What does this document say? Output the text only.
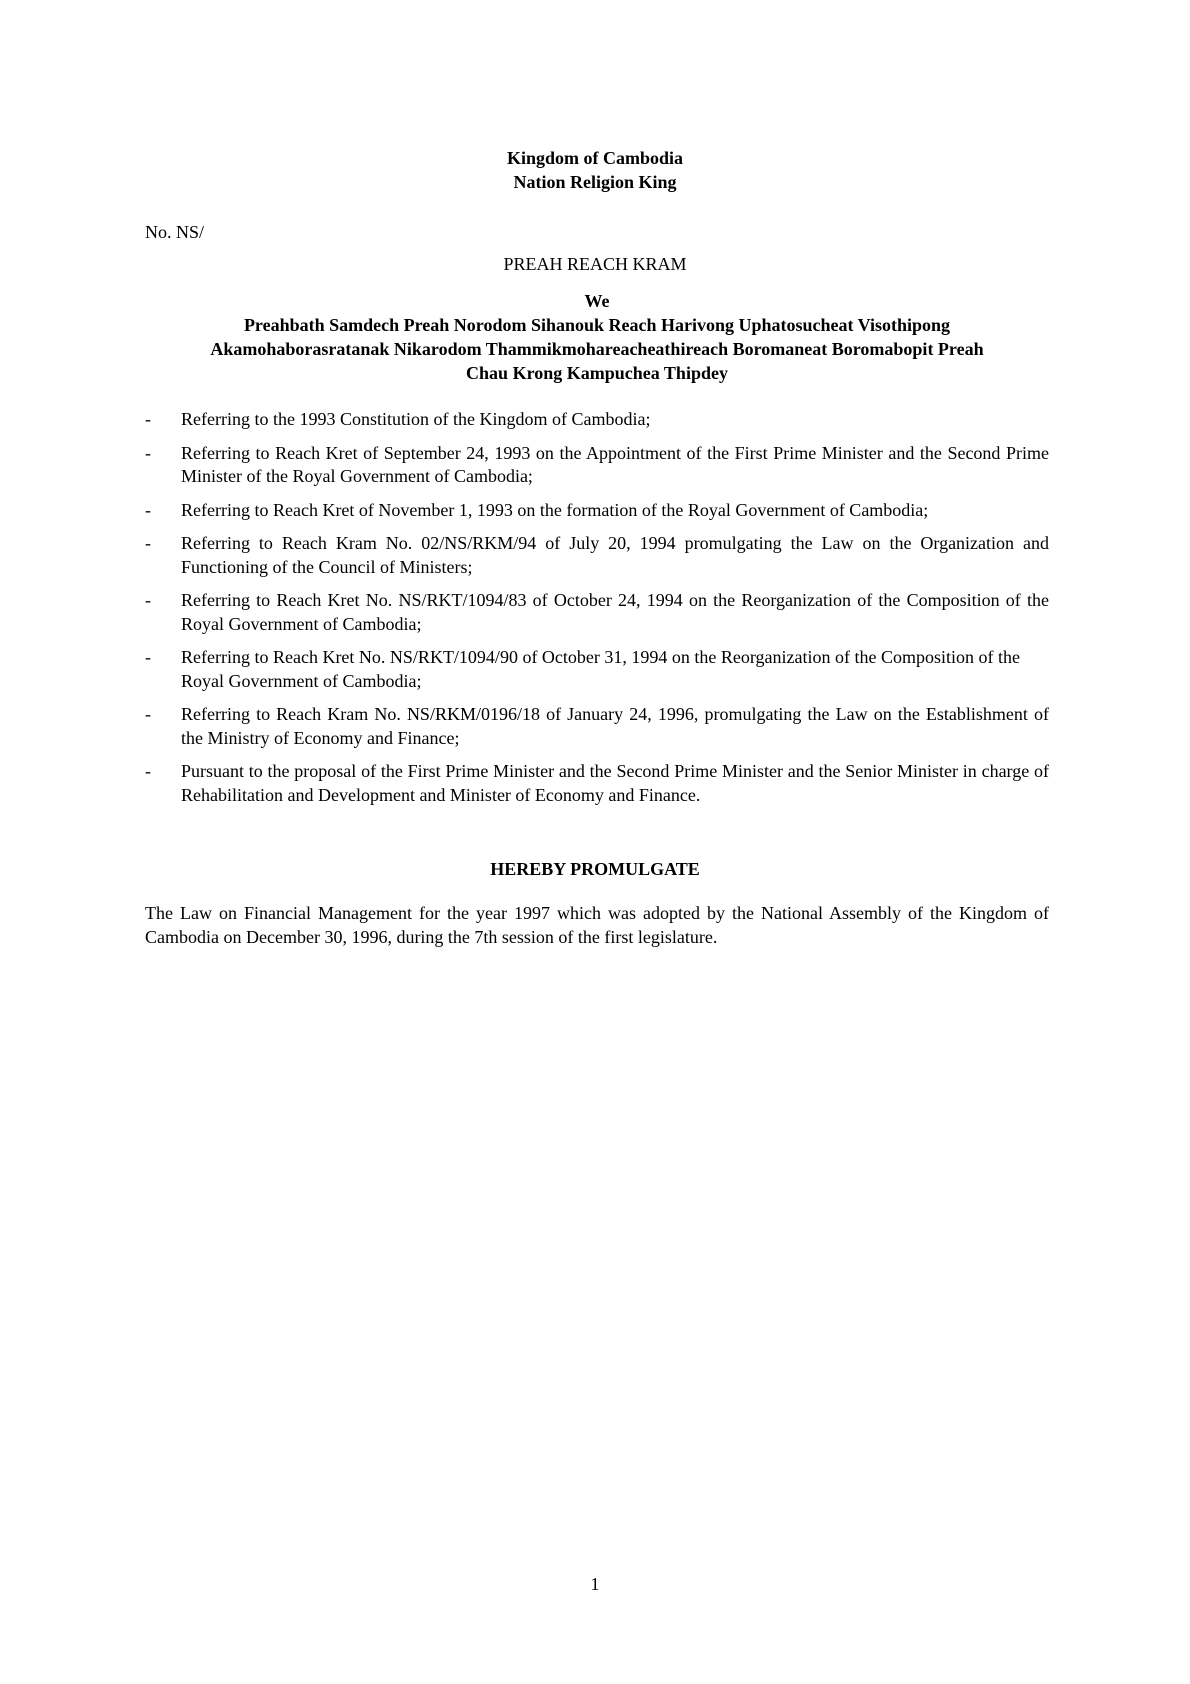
Kingdom of Cambodia
Nation Religion King
No. NS/
PREAH REACH KRAM
We
Preahbath Samdech Preah Norodom Sihanouk Reach Harivong Uphatosucheat Visothipong
Akamohaborasratanak Nikarodom Thammikmohareacheathireach Boromaneat Boromabopit Preah
Chau Krong Kampuchea Thipdey
- Referring to the 1993 Constitution of the Kingdom of Cambodia;
- Referring to Reach Kret of September 24, 1993 on the Appointment of the First Prime Minister and the Second Prime Minister of the Royal Government of Cambodia;
- Referring to Reach Kret of November 1, 1993 on the formation of the Royal Government of Cambodia;
- Referring to Reach Kram No. 02/NS/RKM/94 of July 20, 1994 promulgating the Law on the Organization and Functioning of the Council of Ministers;
- Referring to Reach Kret No. NS/RKT/1094/83 of October 24, 1994 on the Reorganization of the Composition of the Royal Government of Cambodia;
- Referring to Reach Kret No. NS/RKT/1094/90 of October 31, 1994 on the Reorganization of the Composition of the Royal Government of Cambodia;
- Referring to Reach Kram No. NS/RKM/0196/18 of January 24, 1996, promulgating the Law on the Establishment of the Ministry of Economy and Finance;
- Pursuant to the proposal of the First Prime Minister and the Second Prime Minister and the Senior Minister in charge of Rehabilitation and Development and Minister of Economy and Finance.
HEREBY PROMULGATE
The Law on Financial Management for the year 1997 which was adopted by the National Assembly of the Kingdom of Cambodia on December 30, 1996, during the 7th session of the first legislature.
1
